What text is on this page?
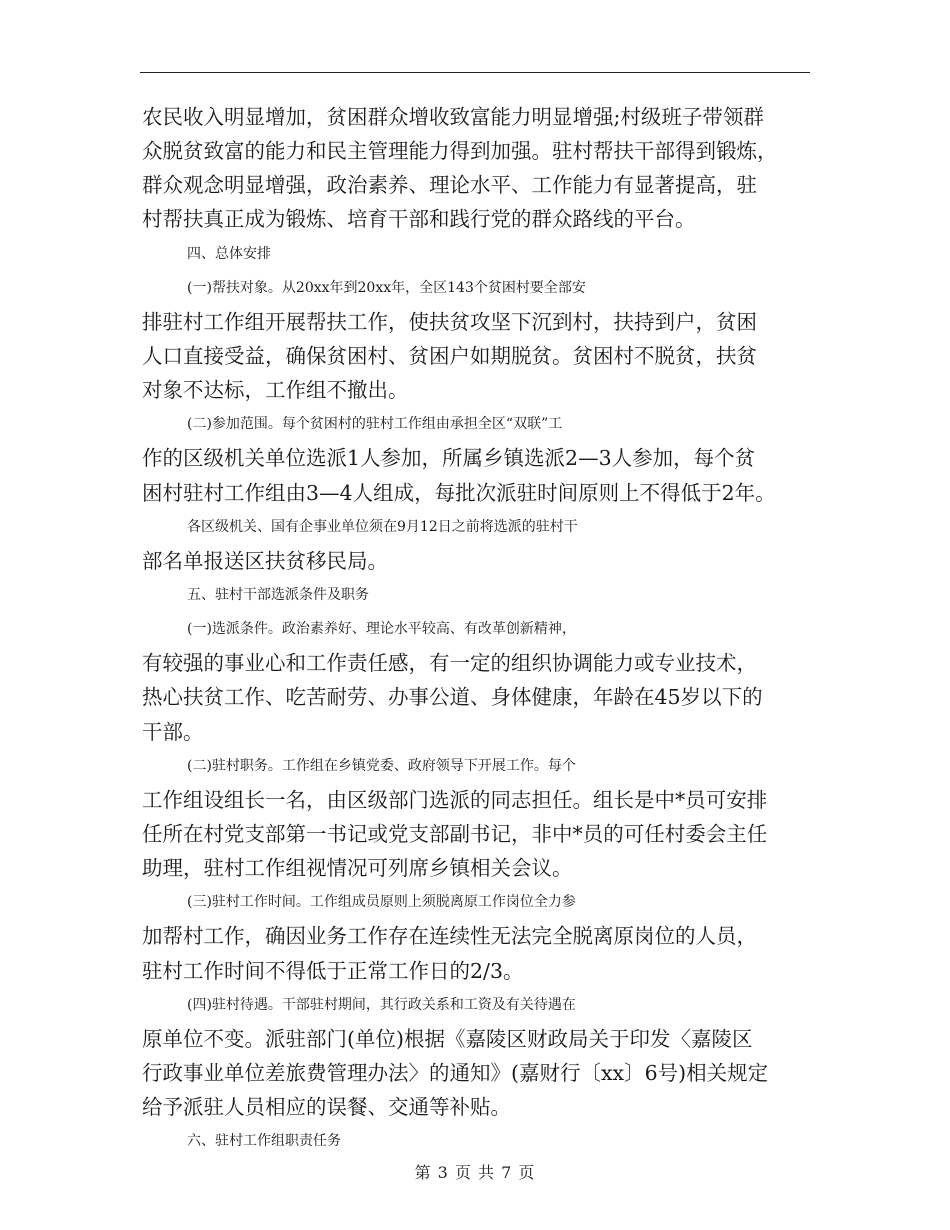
农民收入明显增加，贫困群众增收致富能力明显增强;村级班子带领群
众脱贫致富的能力和民主管理能力得到加强。驻村帮扶干部得到锻炼，
群众观念明显增强，政治素养、理论水平、工作能力有显著提高，驻
村帮扶真正成为锻炼、培育干部和践行党的群众路线的平台。
四、总体安排
(一)帮扶对象。从20xx年到20xx年，全区143个贫困村要全部安
排驻村工作组开展帮扶工作，使扶贫攻坚下沉到村，扶持到户，贫困
人口直接受益，确保贫困村、贫困户如期脱贫。贫困村不脱贫，扶贫
对象不达标，工作组不撤出。
(二)参加范围。每个贫困村的驻村工作组由承担全区“双联”工
作的区级机关单位选派1人参加，所属乡镇选派2—3人参加，每个贫
困村驻村工作组由3—4人组成，每批次派驻时间原则上不得低于2年。
各区级机关、国有企事业单位须在9月12日之前将选派的驻村干
部名单报送区扶贫移民局。
五、驻村干部选派条件及职务
(一)选派条件。政治素养好、理论水平较高、有改革创新精神，
有较强的事业心和工作责任感，有一定的组织协调能力或专业技术，
热心扶贫工作、吃苦耐劳、办事公道、身体健康，年龄在45岁以下的
干部。
(二)驻村职务。工作组在乡镇党委、政府领导下开展工作。每个
工作组设组长一名，由区级部门选派的同志担任。组长是中*员可安排
任所在村党支部第一书记或党支部副书记，非中*员的可任村委会主任
助理，驻村工作组视情况可列席乡镇相关会议。
(三)驻村工作时间。工作组成员原则上须脱离原工作岗位全力参
加帮村工作，确因业务工作存在连续性无法完全脱离原岗位的人员，
驻村工作时间不得低于正常工作日的2/3。
(四)驻村待遇。干部驻村期间，其行政关系和工资及有关待遇在
原单位不变。派驻部门(单位)根据《嘉陵区财政局关于印发〈嘉陵区
行政事业单位差旅费管理办法〉的通知》(嘉财行〔xx〕6号)相关规定
给予派驻人员相应的误餐、交通等补贴。
六、驻村工作组职责任务
第 3 页 共 7 页
